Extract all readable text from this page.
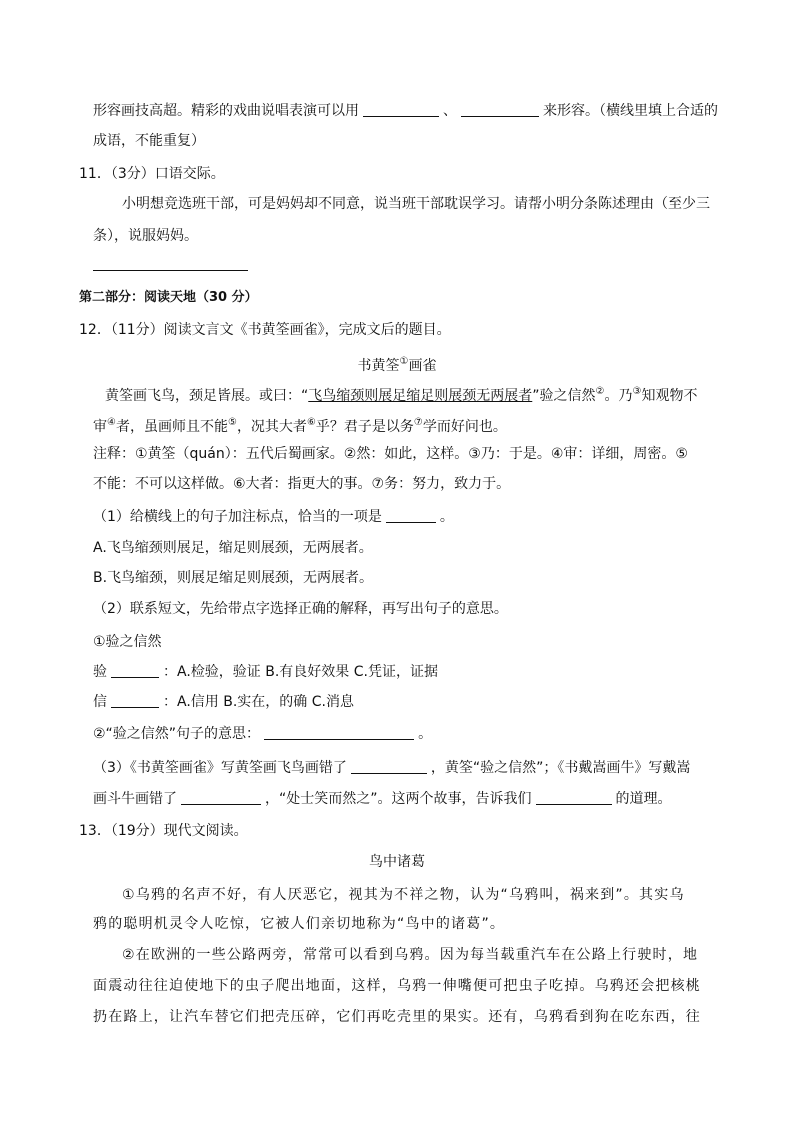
形容画技高超。精彩的戏曲说唱表演可以用	、	来形容。（横线里填上合适的
成语，不能重复）
11．（3分）口语交际。
小明想竞选班干部，可是妈妈却不同意，说当班干部耽误学习。请帮小明分条陈述理由（至少三
条），说服妈妈。
第二部分：阅读天地（30 分）
12．（11分）阅读文言文《书黄筌画雀》，完成文后的题目。
书黄筌①画雀
黄筌画飞鸟，颈足皆展。或曰：“飞鸟缩颈则展足缩足则展颈无两展者”验之信然②。乃③知观物不
审④者，虽画师且不能⑤，况其大者⑥乎？君子是以务⑦学而好问也。
注释：①黄筌（quán）：五代后蜀画家。②然：如此，这样。③乃：于是。④审：详细，周密。⑤
不能：不可以这样做。⑥大者：指更大的事。⑦务：努力，致力于。
（1）给横线上的句子加注标点，恰当的一项是	。
A.飞鸟缩颈则展足，缩足则展颈，无两展者。
B.飞鸟缩颈，则展足缩足则展颈，无两展者。
（2）联系短文，先给带点字选择正确的解释，再写出句子的意思。
①验之信然
验	：A.检验，验证 B.有良好效果 C.凭证，证据
信	：A.信用 B.实在，的确 C.消息
②“验之信然”句子的意思：	。
（3）《书黄筌画雀》写黄筌画飞鸟画错了	，黄筌“验之信然”；《书戴嵩画牛》写戴嵩
画斗牛画错了	，“处士笑而然之”。这两个故事，告诉我们	的道理。
13．（19分）现代文阅读。
鸟中诸葛
①乌鸦的名声不好，有人厌恶它，视其为不祥之物，认为“乌鸦叫，祸来到”。其实乌
鸦的聪明机灵令人吃惊，它被人们亲切地称为“鸟中的诸葛”。
②在欧洲的一些公路两旁，常常可以看到乌鸦。因为每当载重汽车在公路上行驶时，地
面震动往往迫使地下的虫子爬出地面，这样，乌鸦一伸嘴便可把虫子吃掉。乌鸦还会把核桃
扔在路上，让汽车替它们把壳压碎，它们再吃壳里的果实。还有，乌鸦看到狗在吃东西，往
